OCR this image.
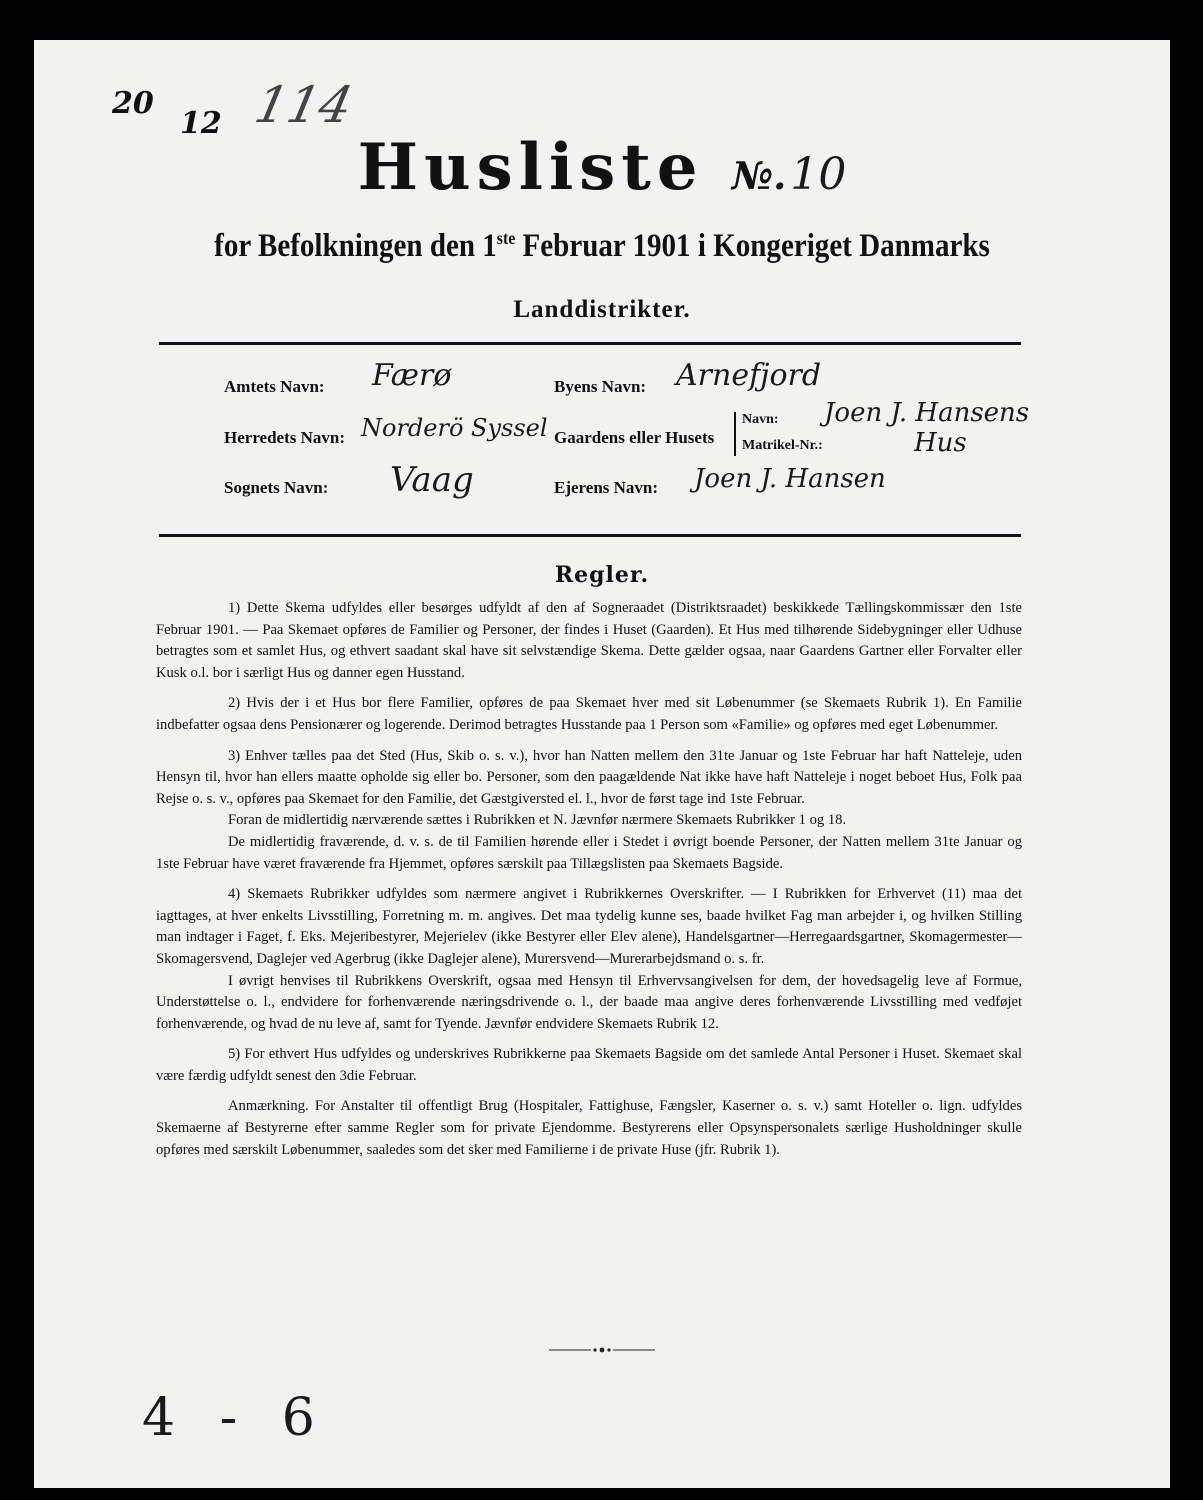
20
12 114
Husliste №.10
for Befolkningen den 1ste Februar 1901 i Kongeriget Danmarks
Landdistrikter.
Amtets Navn: Færø	Byens Navn: Arnefjord
Herredets Navn: Norderö Syssel Gaardens eller Husets
Navn:
Matrikel-Nr.:
Joen J. Hansens
Hus
Sognets Navn: Vaag	Ejerens Navn: Joen J. Hansen
Regler.

1) Dette Skema udfyldes eller besørges udfyldt af den af Sogneraadet (Distriktsraadet) beskikkede Tællingskommissær den 1ste Februar 1901. — Paa Skemaet opføres de Familier og Personer, der findes i Huset (Gaarden). Et Hus med tilhørende Sidebygninger eller Udhuse betragtes som et samlet Hus, og ethvert saadant skal have sit selvstændige Skema. Dette gælder ogsaa, naar Gaardens Gartner eller Forvalter eller Kusk o.l. bor i særligt Hus og danner egen Husstand.

2) Hvis der i et Hus bor flere Familier, opføres de paa Skemaet hver med sit Løbenummer (se Skemaets Rubrik 1). En Familie indbefatter ogsaa dens Pensionærer og logerende. Derimod betragtes Husstande paa 1 Person som «Familie» og opføres med eget Løbenummer.

3) Enhver tælles paa det Sted (Hus, Skib o. s. v.), hvor han Natten mellem den 31te Januar og 1ste Februar har haft Natteleje, uden Hensyn til, hvor han ellers maatte opholde sig eller bo. Personer, som den paagældende Nat ikke have haft Natteleje i noget beboet Hus, Folk paa Rejse o. s. v., opføres paa Skemaet for den Familie, det Gæstgiversted el. l., hvor de først tage ind 1ste Februar.

Foran de midlertidig nærværende sættes i Rubrikken et N. Jævnfør nærmere Skemaets Rubrikker 1 og 18.

De midlertidig fraværende, d. v. s. de til Familien hørende eller i Stedet i øvrigt boende Personer, der Natten mellem 31te Januar og 1ste Februar have været fraværende fra Hjemmet, opføres særskilt paa Tillægslisten paa Skemaets Bagside.

4) Skemaets Rubrikker udfyldes som nærmere angivet i Rubrikkernes Overskrifter. — I Rubrikken for Erhvervet (11) maa det iagttages, at hver enkelts Livsstilling, Forretning m. m. angives. Det maa tydelig kunne ses, baade hvilket Fag man arbejder i, og hvilken Stilling man indtager i Faget, f. Eks. Mejeribestyrer, Mejerielev (ikke Bestyrer eller Elev alene), Handelsgartner—Herregaardsgartner, Skomagermester—Skomagersvend, Daglejer ved Agerbrug (ikke Daglejer alene), Murersvend—Murerarbejdsmand o. s. fr.

I øvrigt henvises til Rubrikkens Overskrift, ogsaa med Hensyn til Erhvervsangivelsen for dem, der hovedsagelig leve af Formue, Understøttelse o. l., endvidere for forhenværende næringsdrivende o. l., der baade maa angive deres forhenværende Livsstilling med vedføjet forhenværende, og hvad de nu leve af, samt for Tyende. Jævnfør endvidere Skemaets Rubrik 12.

5) For ethvert Hus udfyldes og underskrives Rubrikkerne paa Skemaets Bagside om det samlede Antal Personer i Huset. Skemaet skal være færdig udfyldt senest den 3die Februar.

Anmærkning. For Anstalter til offentligt Brug (Hospitaler, Fattighuse, Fængsler, Kaserner o. s. v.) samt Hoteller o. lign. udfyldes Skemaerne af Bestyrerne efter samme Regler som for private Ejendomme. Bestyrerens eller Opsynspersonalets særlige Husholdninger skulle opføres med særskilt Løbenummer, saaledes som det sker med Familierne i de private Huse (jfr. Rubrik 1).

4 - 6
